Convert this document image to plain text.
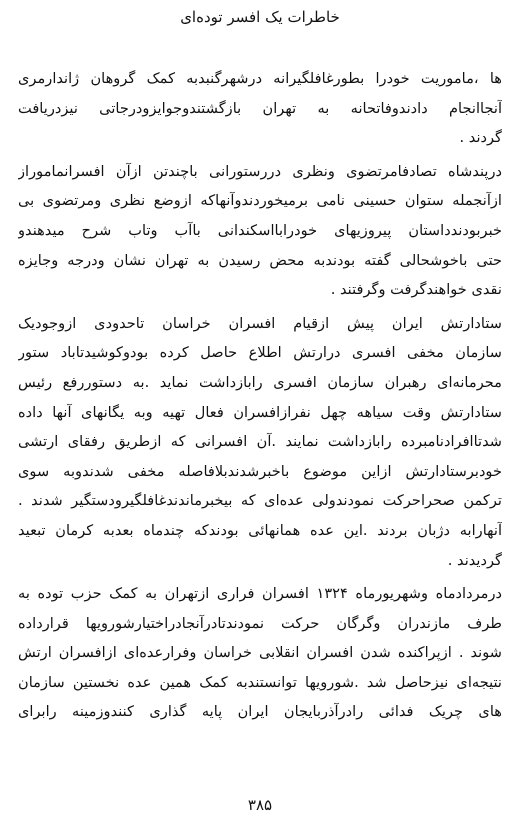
خاطرات یک افسر توده‌ای
ها ،ماموریت خودرا بطورغافلگیرانه درشهرگنبدبه کمک گروهان ژاندارمری
آنجاانجام دادندوفاتحانه به تهران بازگشتندوجوایزودرجاتی نیزدریافت
گردند .
درپندشاه تصادفامرتضوی ونظری دررستورانی باچندتن ازآن افسرانماموراز
ازآنجمله ستوان حسینی نامی برمیخوردندوآنهاکه ازوضع نظری ومرتضوی بی
خبربودندداستان پیروزیهای خودرابااسکندانی باآب وتاب شرح میدهندو
حتی باخوشحالی گفته بودندبه محض رسیدن به تهران نشان ودرجه وجایزه
نقدی خواهندگرفت وگرفتند .
ستادارتش ایران پیش ازقیام افسران خراسان تاحدودی ازوجودیک
سازمان مخفی افسری درارتش اطلاع حاصل کرده بودوکوشیدتاباد ستور
محرمانه‌ای رهبران سازمان افسری رابازداشت نماید .به دستوررفع رئیس
ستادارتش وقت سیاهه چهل نفرازافسران فعال تهیه وبه یگانهای آنها داده
شدتاافرادنامبرده رابازداشت نمایند .آن افسرانی که ازطریق رفقای ارتشی
خودبرستادارتش ازاین موضوع باخبرشدندبلافاصله مخفی شدندوبه سوی
ترکمن صحراحرکت نمودندولی عده‌ای که بیخبرماندندغافلگیرودستگیر شدند .
آنهارابه دژبان بردند .این عده همانهائی بودندکه چندماه بعدبه کرمان تبعید
گردیدند .
درمردادماه وشهریورماه ۱۳۲۴ افسران فراری ازتهران به کمک حزب توده به
طرف مازندران وگرگان حرکت نمودندتادرآنجادراختیارشورویها قرارداده
شوند . ازپراکنده شدن افسران انقلابی خراسان وفرارعده‌ای ازافسران ارتش
نتیجه‌ای نیزحاصل شد .شورویها توانستندبه کمک همین عده نخستین سازمان
های چریک فدائی رادرآذربایجان ایران پایه گذاری کنندوزمینه رابرای
۳۸۵
